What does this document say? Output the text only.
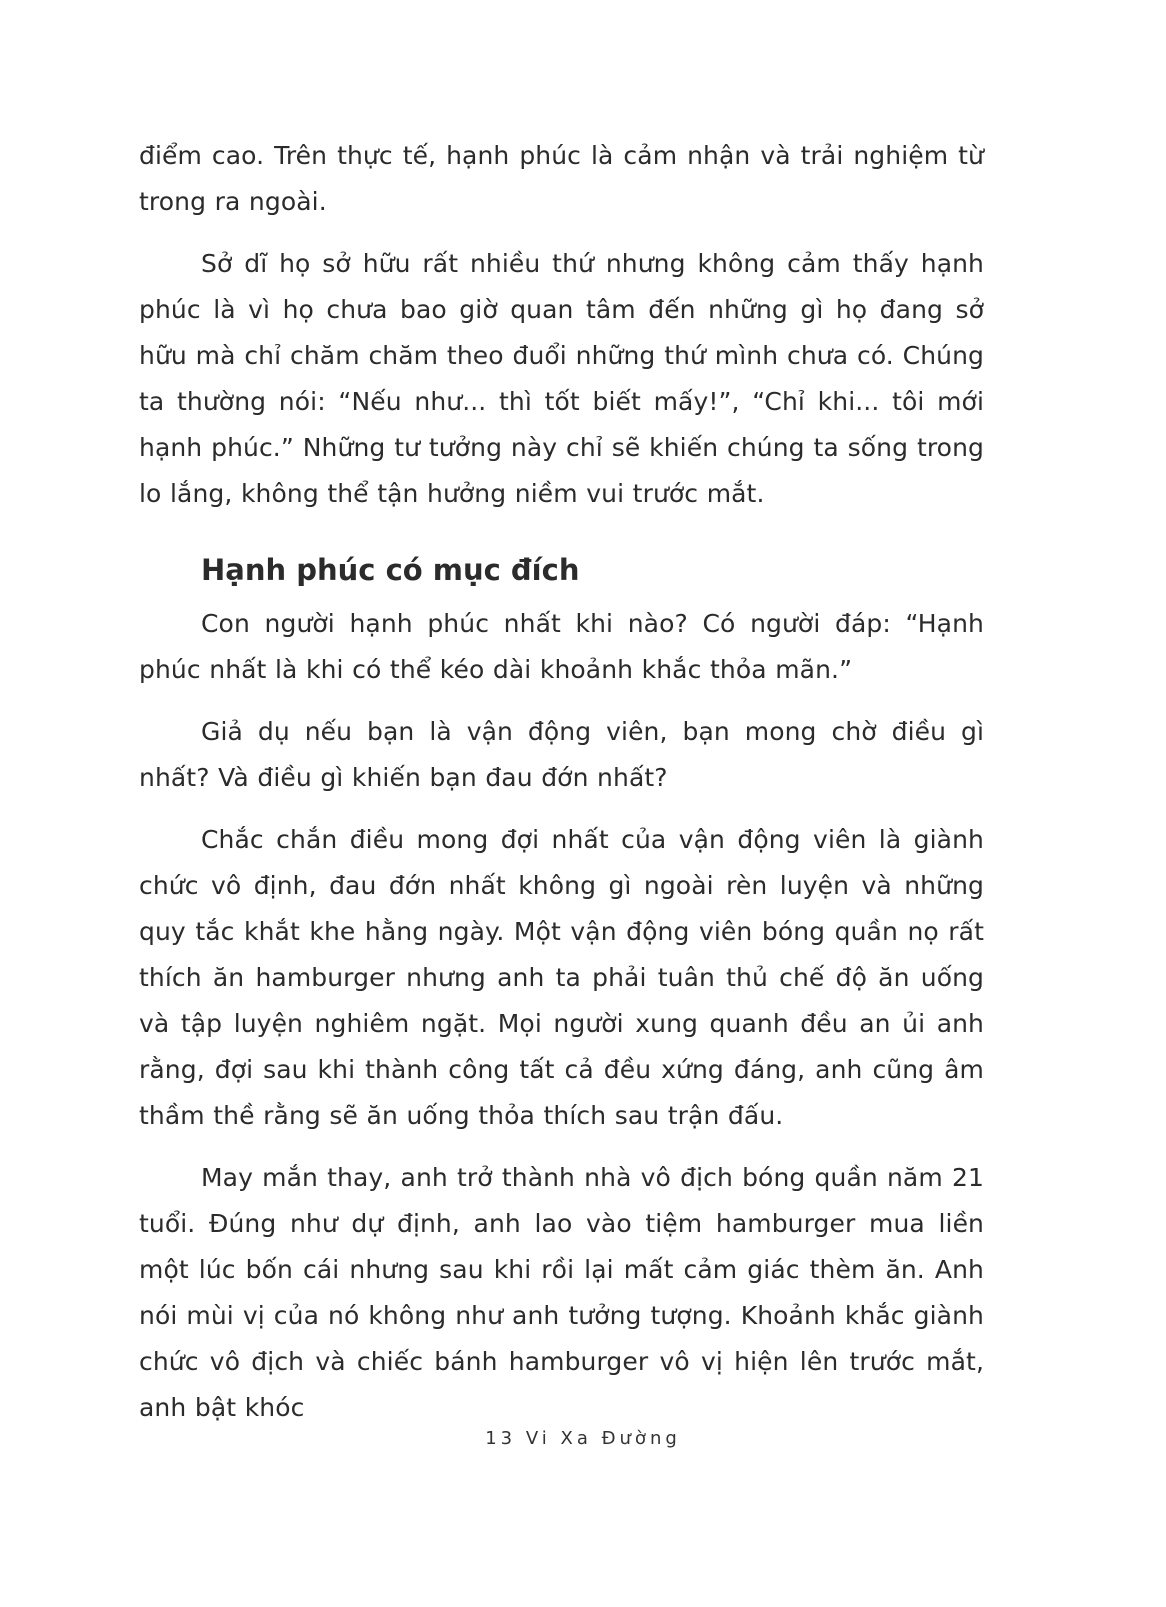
điểm cao. Trên thực tế, hạnh phúc là cảm nhận và trải nghiệm từ trong ra ngoài.

Sở dĩ họ sở hữu rất nhiều thứ nhưng không cảm thấy hạnh phúc là vì họ chưa bao giờ quan tâm đến những gì họ đang sở hữu mà chỉ chăm chăm theo đuổi những thứ mình chưa có. Chúng ta thường nói: “Nếu như... thì tốt biết mấy!”, “Chỉ khi... tôi mới hạnh phúc.” Những tư tưởng này chỉ sẽ khiến chúng ta sống trong lo lắng, không thể tận hưởng niềm vui trước mắt.

Hạnh phúc có mục đích

Con người hạnh phúc nhất khi nào? Có người đáp: “Hạnh phúc nhất là khi có thể kéo dài khoảnh khắc thỏa mãn.”

Giả dụ nếu bạn là vận động viên, bạn mong chờ điều gì nhất? Và điều gì khiến bạn đau đớn nhất?

Chắc chắn điều mong đợi nhất của vận động viên là giành chức vô định, đau đớn nhất không gì ngoài rèn luyện và những quy tắc khắt khe hằng ngày. Một vận động viên bóng quần nọ rất thích ăn hamburger nhưng anh ta phải tuân thủ chế độ ăn uống và tập luyện nghiêm ngặt. Mọi người xung quanh đều an ủi anh rằng, đợi sau khi thành công tất cả đều xứng đáng, anh cũng âm thầm thề rằng sẽ ăn uống thỏa thích sau trận đấu.

May mắn thay, anh trở thành nhà vô địch bóng quần năm 21 tuổi. Đúng như dự định, anh lao vào tiệm hamburger mua liền một lúc bốn cái nhưng sau khi rồi lại mất cảm giác thèm ăn. Anh nói mùi vị của nó không như anh tưởng tượng. Khoảnh khắc giành chức vô địch và chiếc bánh hamburger vô vị hiện lên trước mắt, anh bật khóc

13 Vi Xa Đường
